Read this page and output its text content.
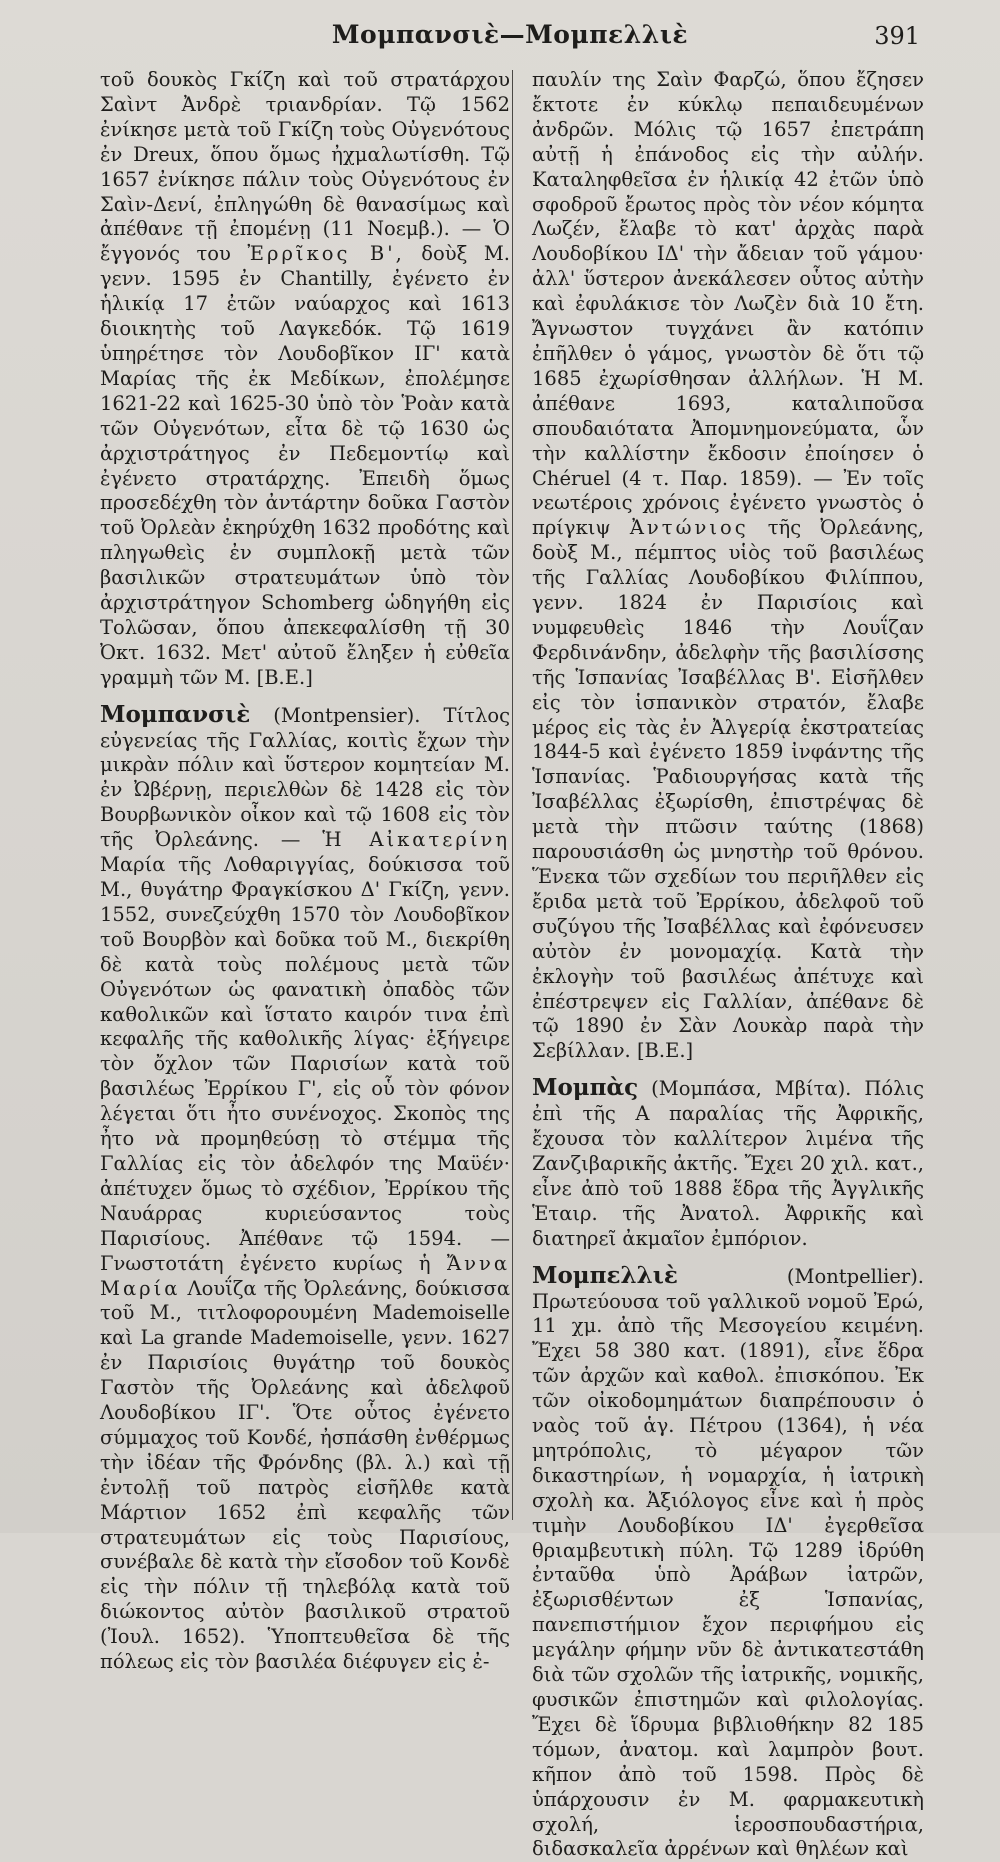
Μομπανσιὲ—Μομπελλιὲ	391

τοῦ δουκὸς Γκίζη καὶ τοῦ στρατάρχου Σαὶντ Ἀνδρὲ τριανδρίαν. Τῷ 1562 ἐνίκησε μετὰ τοῦ Γκίζη τοὺς Οὐγενότους ἐν Dreux, ὅπου ὅμως ἠχμαλωτίσθη. Τῷ 1657 ἐνίκησε πάλιν τοὺς Οὐγενότους ἐν Σαὶν-Δενί, ἐπληγώθη δὲ θανασίμως καὶ ἀπέθανε τῇ ἐπομένῃ (11 Νοεμβ.). — Ὁ ἔγγονός του Ἐρρῖκος Β', δοὺξ Μ. γενν. 1595 ἐν Chantilly, ἐγένετο ἐν ἡλικίᾳ 17 ἐτῶν ναύαρχος καὶ 1613 διοικητὴς τοῦ Λαγκεδόκ. Τῷ 1619 ὑπηρέτησε τὸν Λουδοβῖκον ΙΓ' κατὰ Μαρίας τῆς ἐκ Μεδίκων, ἐπολέμησε 1621-22 καὶ 1625-30 ὑπὸ τὸν Ῥοὰν κατὰ τῶν Οὐγενότων, εἶτα δὲ τῷ 1630 ὡς ἀρχιστράτηγος ἐν Πεδεμοντίῳ καὶ ἐγένετο στρατάρχης. Ἐπειδὴ ὅμως προσεδέχθη τὸν ἀντάρτην δοῦκα Γαστὸν τοῦ Ὀρλεὰν ἐκηρύχθη 1632 προδότης καὶ πληγωθεὶς ἐν συμπλοκῇ μετὰ τῶν βασιλικῶν στρατευμάτων ὑπὸ τὸν ἀρχιστράτηγον Schomberg ὡδηγήθη εἰς Τολῶσαν, ὅπου ἀπεκεφαλίσθη τῇ 30 Ὀκτ. 1632. Μετ' αὐτοῦ ἔληξεν ἡ εὐθεῖα γραμμὴ τῶν Μ. [Β.Ε.]

Μομπανσιὲ (Montpensier). Τίτλος εὐγενείας τῆς Γαλλίας, κοιτὶς ἔχων τὴν μικρὰν πόλιν καὶ ὕστερον κομητείαν Μ. ἐν Ὠβέρνῃ, περιελθὼν δὲ 1428 εἰς τὸν Βουρβωνικὸν οἶκον καὶ τῷ 1608 εἰς τὸν τῆς Ὀρλεάνης. — Ἡ Αἰκατερίνη Μαρία τῆς Λοθαριγγίας, δούκισσα τοῦ Μ., θυγάτηρ Φραγκίσκου Δ' Γκίζη, γενν. 1552, συνεζεύχθη 1570 τὸν Λουδοβῖκον τοῦ Βουρβὸν καὶ δοῦκα τοῦ Μ., διεκρίθη δὲ κατὰ τοὺς πολέμους μετὰ τῶν Οὐγενότων ὡς φανατικὴ ὀπαδὸς τῶν καθολικῶν καὶ ἵστατο καιρόν τινα ἐπὶ κεφαλῆς τῆς καθολικῆς λίγας· ἐξήγειρε τὸν ὄχλον τῶν Παρισίων κατὰ τοῦ βασιλέως Ἐρρίκου Γ', εἰς οὗ τὸν φόνον λέγεται ὅτι ἦτο συνένοχος. Σκοπὸς της ἦτο νὰ προμηθεύσῃ τὸ στέμμα τῆς Γαλλίας εἰς τὸν ἀδελφόν της Μαϋέν· ἀπέτυχεν ὅμως τὸ σχέδιον, Ἐρρίκου τῆς Ναυάρρας κυριεύσαντος τοὺς Παρισίους. Ἀπέθανε τῷ 1594. — Γνωστοτάτη ἐγένετο κυρίως ἡ Ἄννα Μαρία Λουΐζα τῆς Ὀρλεάνης, δούκισσα τοῦ Μ., τιτλοφορουμένη Mademoiselle καὶ La grande Mademoiselle, γενν. 1627 ἐν Παρισίοις θυγάτηρ τοῦ δουκὸς Γαστὸν τῆς Ὀρλεάνης καὶ ἀδελφοῦ Λουδοβίκου ΙΓ'. Ὅτε οὗτος ἐγένετο σύμμαχος τοῦ Κονδέ, ἠσπάσθη ἐνθέρμως τὴν ἰδέαν τῆς Φρόνδης (βλ. λ.) καὶ τῇ ἐντολῇ τοῦ πατρὸς εἰσῆλθε κατὰ Μάρτιον 1652 ἐπὶ κεφαλῆς τῶν στρατευμάτων εἰς τοὺς Παρισίους, συνέβαλε δὲ κατὰ τὴν εἴσοδον τοῦ Κονδὲ εἰς τὴν πόλιν τῇ τηλεβόλᾳ κατὰ τοῦ διώκοντος αὐτὸν βασιλικοῦ στρατοῦ (Ἰουλ. 1652). Ὑποπτευθεῖσα δὲ τῆς πόλεως εἰς τὸν βασιλέα διέφυγεν εἰς ἐ-

παυλίν της Σαὶν Φαρζώ, ὅπου ἔζησεν ἔκτοτε ἐν κύκλῳ πεπαιδευμένων ἀνδρῶν. Μόλις τῷ 1657 ἐπετράπη αὐτῇ ἡ ἐπάνοδος εἰς τὴν αὐλήν. Καταληφθεῖσα ἐν ἡλικίᾳ 42 ἐτῶν ὑπὸ σφοδροῦ ἔρωτος πρὸς τὸν νέον κόμητα Λωζέν, ἔλαβε τὸ κατ' ἀρχὰς παρὰ Λουδοβίκου ΙΔ' τὴν ἄδειαν τοῦ γάμου· ἀλλ' ὕστερον ἀνεκάλεσεν οὗτος αὐτὴν καὶ ἐφυλάκισε τὸν Λωζὲν διὰ 10 ἔτη. Ἄγνωστον τυγχάνει ἂν κατόπιν ἐπῆλθεν ὁ γάμος, γνωστὸν δὲ ὅτι τῷ 1685 ἐχωρίσθησαν ἀλλήλων. Ἡ Μ. ἀπέθανε 1693, καταλιποῦσα σπουδαιότατα Ἀπομνημονεύματα, ὧν τὴν καλλίστην ἔκδοσιν ἐποίησεν ὁ Chéruel (4 τ. Παρ. 1859). — Ἐν τοῖς νεωτέροις χρόνοις ἐγένετο γνωστὸς ὁ πρίγκιψ Ἀντώνιος τῆς Ὀρλεάνης, δοὺξ Μ., πέμπτος υἱὸς τοῦ βασιλέως τῆς Γαλλίας Λουδοβίκου Φιλίππου, γενν. 1824 ἐν Παρισίοις καὶ νυμφευθεὶς 1846 τὴν Λουΐζαν Φερδινάνδην, ἀδελφὴν τῆς βασιλίσσης τῆς Ἱσπανίας Ἰσαβέλλας Β'. Εἰσῆλθεν εἰς τὸν ἱσπανικὸν στρατόν, ἔλαβε μέρος εἰς τὰς ἐν Ἀλγερίᾳ ἐκστρατείας 1844-5 καὶ ἐγένετο 1859 ἰνφάντης τῆς Ἱσπανίας. Ῥαδιουργήσας κατὰ τῆς Ἰσαβέλλας ἐξωρίσθη, ἐπιστρέψας δὲ μετὰ τὴν πτῶσιν ταύτης (1868) παρουσιάσθη ὡς μνηστὴρ τοῦ θρόνου. Ἕνεκα τῶν σχεδίων του περιῆλθεν εἰς ἔριδα μετὰ τοῦ Ἐρρίκου, ἀδελφοῦ τοῦ συζύγου τῆς Ἰσαβέλλας καὶ ἐφόνευσεν αὐτὸν ἐν μονομαχίᾳ. Κατὰ τὴν ἐκλογὴν τοῦ βασιλέως ἀπέτυχε καὶ ἐπέστρεψεν εἰς Γαλλίαν, ἀπέθανε δὲ τῷ 1890 ἐν Σὰν Λουκὰρ παρὰ τὴν Σεβίλλαν. [Β.Ε.]

Μομπὰς (Μομπάσα, Μβίτα). Πόλις ἐπὶ τῆς Α παραλίας τῆς Ἀφρικῆς, ἔχουσα τὸν καλλίτερον λιμένα τῆς Ζανζιβαρικῆς ἀκτῆς. Ἔχει 20 χιλ. κατ., εἶνε ἀπὸ τοῦ 1888 ἕδρα τῆς Ἀγγλικῆς Ἑταιρ. τῆς Ἀνατολ. Ἀφρικῆς καὶ διατηρεῖ ἀκμαῖον ἐμπόριον.

Μομπελλιὲ	(Montpellier). Πρωτεύουσα τοῦ γαλλικοῦ νομοῦ Ἐρώ, 11 χμ. ἀπὸ τῆς Μεσογείου κειμένη. Ἔχει 58 380 κατ. (1891), εἶνε ἕδρα τῶν ἀρχῶν καὶ καθολ. ἐπισκόπου. Ἐκ τῶν οἰκοδομημάτων διαπρέπουσιν ὁ ναὸς τοῦ ἁγ. Πέτρου (1364), ἡ νέα μητρόπολις, τὸ μέγαρον τῶν δικαστηρίων, ἡ νομαρχία, ἡ ἰατρικὴ σχολὴ κα. Ἀξιόλογος εἶνε καὶ ἡ πρὸς τιμὴν Λουδοβίκου ΙΔ' ἐγερθεῖσα θριαμβευτικὴ πύλη. Τῷ 1289 ἱδρύθη ἐνταῦθα ὑπὸ Ἀράβων ἰατρῶν, ἐξωρισθέντων ἐξ Ἱσπανίας, πανεπιστήμιον ἔχον περιφήμου εἰς μεγάλην φήμην νῦν δὲ ἀντικατεστάθη διὰ τῶν σχολῶν τῆς ἰατρικῆς, νομικῆς, φυσικῶν ἐπιστημῶν καὶ φιλολογίας. Ἔχει δὲ ἵδρυμα βιβλιοθήκην 82 185 τόμων, ἀνατομ. καὶ λαμπρὸν βουτ. κῆπον ἀπὸ τοῦ 1598. Πρὸς δὲ ὑπάρχουσιν ἐν Μ. φαρμακευτικὴ σχολή, ἱεροσπουδαστήρια, διδασκαλεῖα ἀρρένων καὶ θηλέων καὶ
